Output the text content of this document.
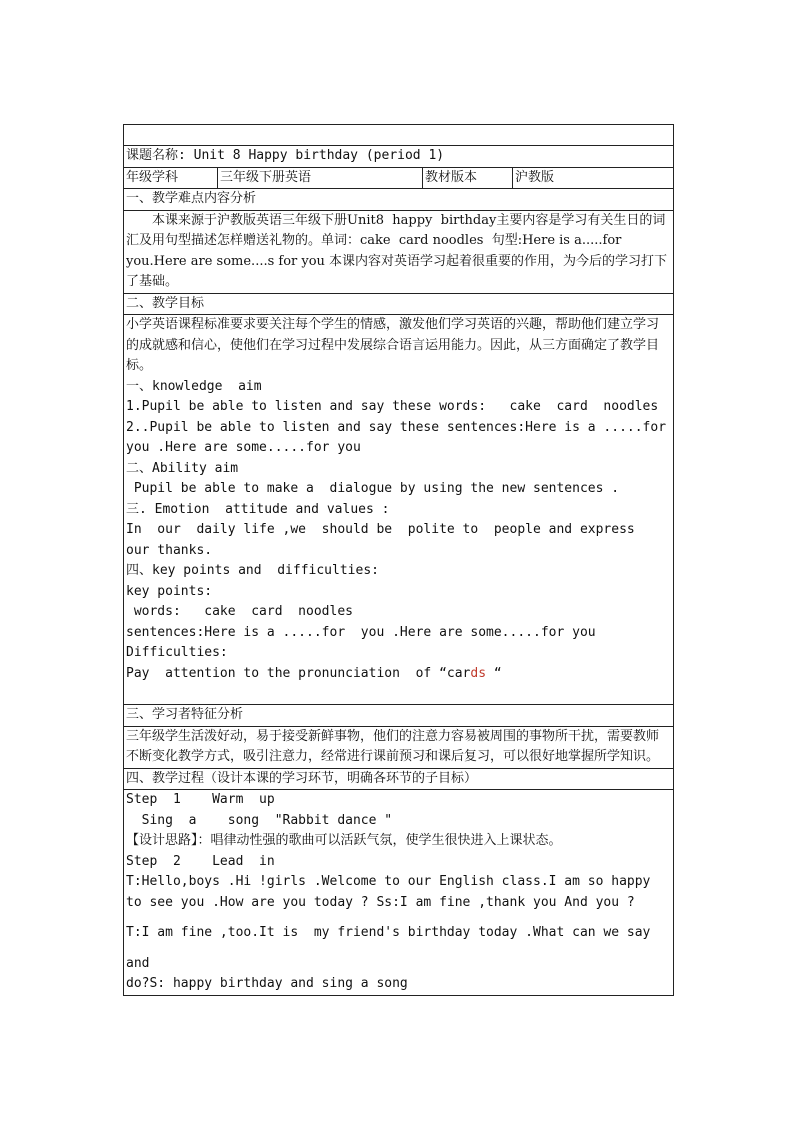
课题名称: Unit 8 Happy birthday (period 1)
年级学科	三年级下册英语	教材版本	沪教版
一、教学难点内容分析

本课来源于沪教版英语三年级下册Unit8  happy  birthday主要内容是学习有关生日的词汇及用句型描述怎样赠送礼物的。单词：cake  card noodles  句型:Here is a.....for  you.Here are some....s for you 本课内容对英语学习起着很重要的作用，为今后的学习打下了基础。

二、教学目标

小学英语课程标准要求要关注每个学生的情感，激发他们学习英语的兴趣，帮助他们建立学习的成就感和信心，使他们在学习过程中发展综合语言运用能力。因此，从三方面确定了教学目标。

一、knowledge  aim
1.Pupil be able to listen and say these words:   cake  card  noodles
2..Pupil be able to listen and say these sentences:Here is a .....for
you .Here are some.....for you
二、Ability aim
Pupil be able to make a  dialogue by using the new sentences .
三. Emotion  attitude and values :
In  our  daily life ,we  should be  polite to  people and express
our thanks.
四、key points and  difficulties:
key points:
words:   cake  card  noodles
sentences:Here is a .....for  you .Here are some.....for you
Difficulties:
Pay  attention to the pronunciation  of “cards “

三、学习者特征分析

三年级学生活泼好动，易于接受新鲜事物，他们的注意力容易被周围的事物所干扰，需要教师不断变化教学方式，吸引注意力，经常进行课前预习和课后复习，可以很好地掌握所学知识。

四、教学过程（设计本课的学习环节，明确各环节的子目标）

Step  1    Warm  up
Sing  a    song  "Rabbit dance "
【设计思路】：唱律动性强的歌曲可以活跃气氛，使学生很快进入上课状态。
Step  2    Lead  in
T:Hello,boys .Hi !girls .Welcome to our English class.I am so happy
to see you .How are you today ? Ss:I am fine ,thank you And you ?
T:I am fine ,too.It is  my friend's birthday today .What can we say
and
do?S: happy birthday and sing a song
